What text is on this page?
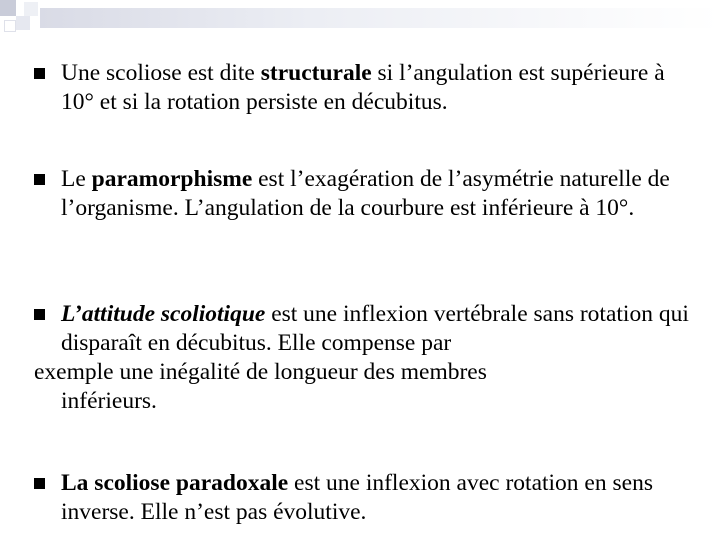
Une scoliose est dite structurale si l’angulation est supérieure à 10° et si la rotation persiste en décubitus.
Le paramorphisme est l’exagération de l’asymétrie naturelle de l’organisme. L’angulation de la courbure est inférieure à 10°.
L’attitude scoliotique est une inflexion vertébrale sans rotation qui disparaît en décubitus. Elle compense par
exemple une inégalité de longueur des membres
inférieurs.
La scoliose paradoxale est une inflexion avec rotation en sens inverse. Elle n’est pas évolutive.
